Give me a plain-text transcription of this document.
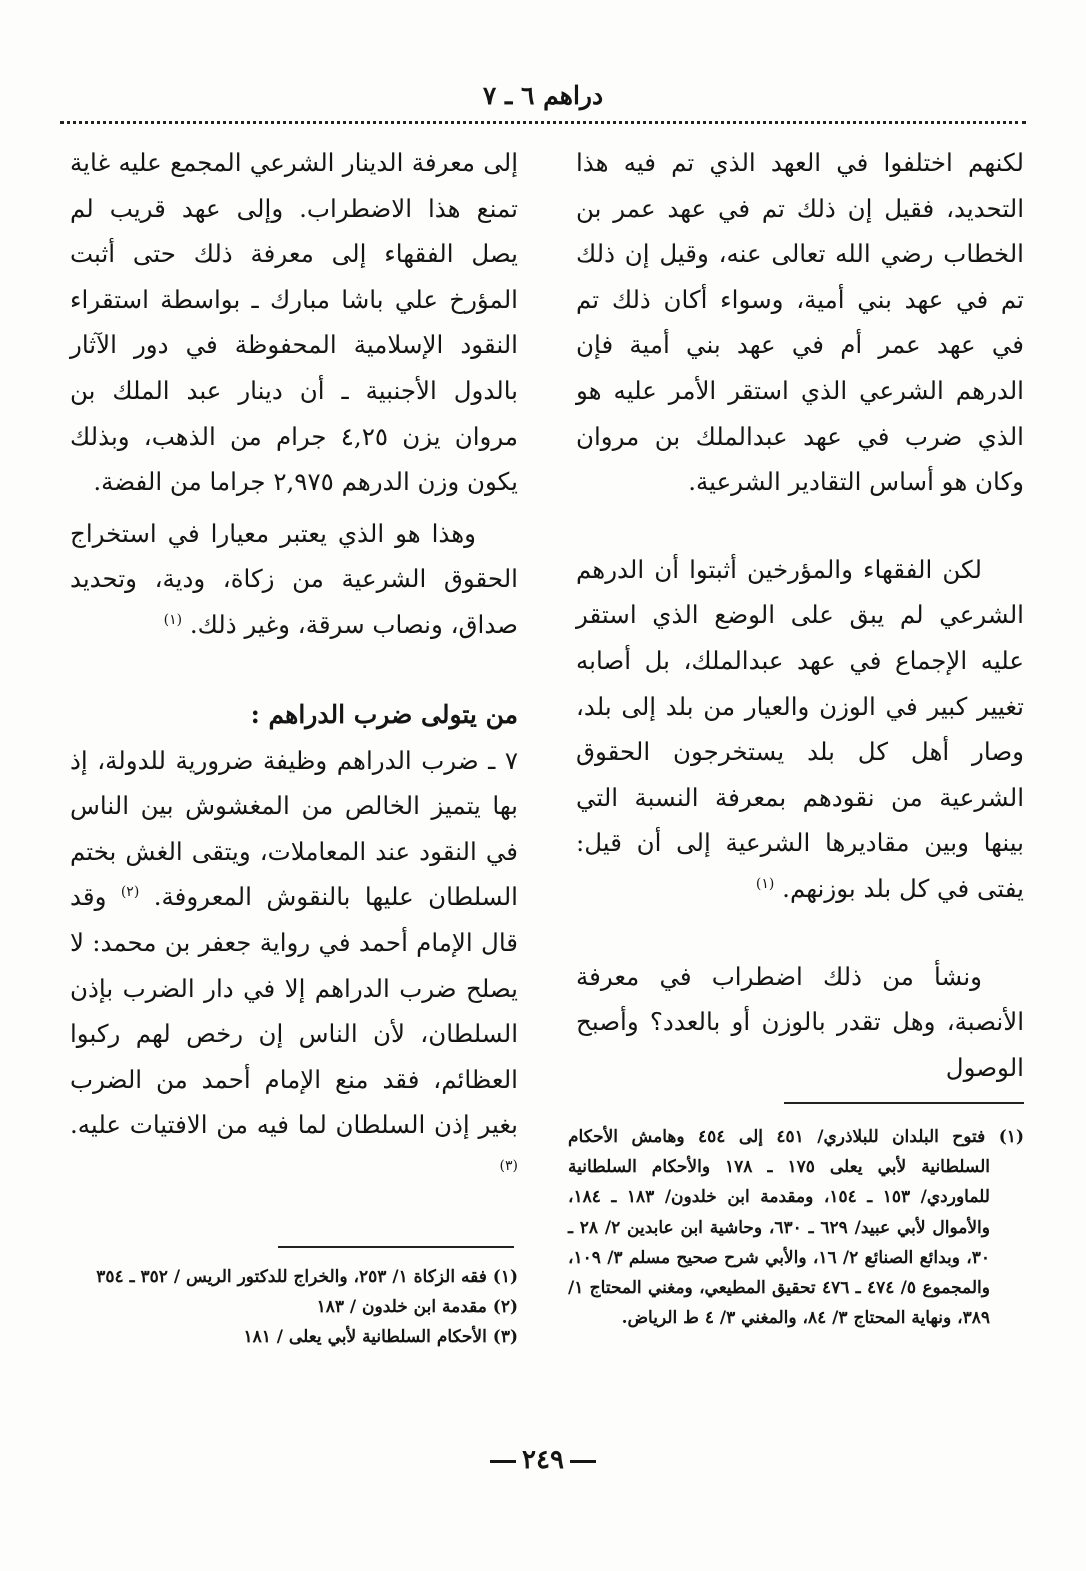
دراهم ٦ ـ ٧

لكنهم اختلفوا في العهد الذي تم فيه هذا التحديد، فقيل إن ذلك تم في عهد عمر بن الخطاب رضي الله تعالى عنه، وقيل إن ذلك تم في عهد بني أمية، وسواء أكان ذلك تم في عهد عمر أم في عهد بني أمية فإن الدرهم الشرعي الذي استقر الأمر عليه هو الذي ضرب في عهد عبدالملك بن مروان وكان هو أساس التقادير الشرعية.

لكن الفقهاء والمؤرخين أثبتوا أن الدرهم الشرعي لم يبق على الوضع الذي استقر عليه الإجماع في عهد عبدالملك، بل أصابه تغيير كبير في الوزن والعيار من بلد إلى بلد، وصار أهل كل بلد يستخرجون الحقوق الشرعية من نقودهم بمعرفة النسبة التي بينها وبين مقاديرها الشرعية إلى أن قيل: يفتى في كل بلد بوزنهم. $^{(١)}$

ونشأ من ذلك اضطراب في معرفة الأنصبة، وهل تقدر بالوزن أو بالعدد؟ وأصبح الوصول

(١) فتوح البلدان للبلاذري/ ٤٥١ إلى ٤٥٤ وهامش الأحكام السلطانية لأبي يعلى ١٧٥ ـ ١٧٨ والأحكام السلطانية للماوردي/ ١٥٣ ـ ١٥٤، ومقدمة ابن خلدون/ ١٨٣ ـ ١٨٤، والأموال لأبي عبيد/ ٦٢٩ ـ ٦٣٠، وحاشية ابن عابدين ٢/ ٢٨ ـ ٣٠، وبدائع الصنائع ٢/ ١٦، والأبي شرح صحيح مسلم ٣/ ١٠٩، والمجموع ٥/ ٤٧٤ ـ ٤٧٦ تحقيق المطيعي، ومغني المحتاج ١/ ٣٨٩، ونهاية المحتاج ٣/ ٨٤، والمغني ٣/ ٤ ط الرياض.

إلى معرفة الدينار الشرعي المجمع عليه غاية تمنع هذا الاضطراب. وإلى عهد قريب لم يصل الفقهاء إلى معرفة ذلك حتى أثبت المؤرخ علي باشا مبارك ـ بواسطة استقراء النقود الإسلامية المحفوظة في دور الآثار بالدول الأجنبية ـ أن دينار عبد الملك بن مروان يزن ٤,٢٥ جرام من الذهب، وبذلك يكون وزن الدرهم ٢,٩٧٥ جراما من الفضة.

وهذا هو الذي يعتبر معيارا في استخراج الحقوق الشرعية من زكاة، ودية، وتحديد صداق، ونصاب سرقة، وغير ذلك. $^{(١)}$

من يتولى ضرب الدراهم :

٧ ـ ضرب الدراهم وظيفة ضرورية للدولة، إذ بها يتميز الخالص من المغشوش بين الناس في النقود عند المعاملات، ويتقى الغش بختم السلطان عليها بالنقوش المعروفة. $^{(٢)}$ وقد قال الإمام أحمد في رواية جعفر بن محمد: لا يصلح ضرب الدراهم إلا في دار الضرب بإذن السلطان، لأن الناس إن رخص لهم ركبوا العظائم، فقد منع الإمام أحمد من الضرب بغير إذن السلطان لما فيه من الافتيات عليه. $^{(٣)}$

(١) فقه الزكاة ١/ ٢٥٣، والخراج للدكتور الريس / ٣٥٢ ـ ٣٥٤

(٢) مقدمة ابن خلدون / ١٨٣

(٣) الأحكام السلطانية لأبي يعلى / ١٨١

٢٤٩
